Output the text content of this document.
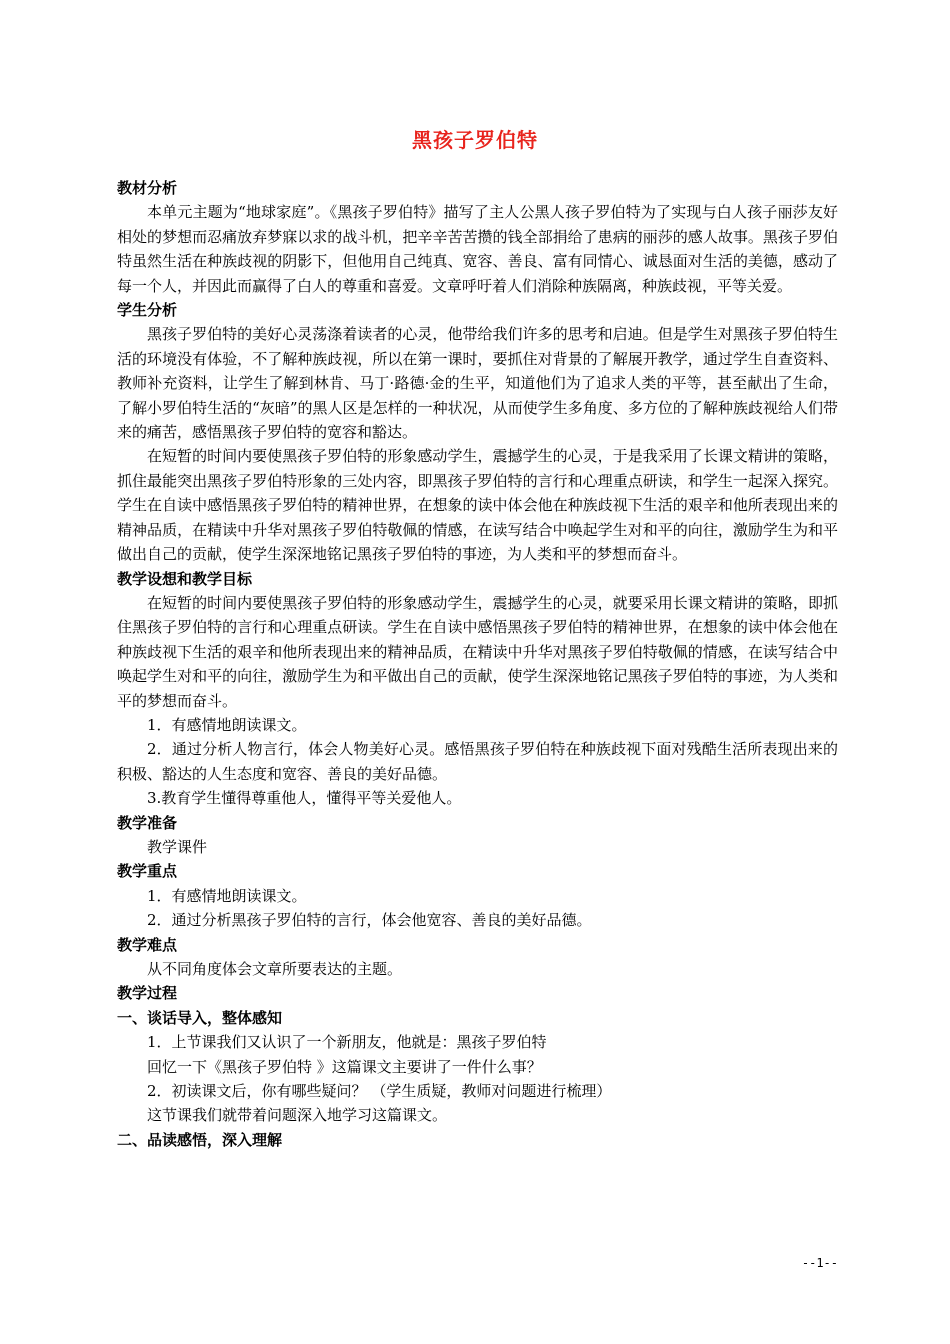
黑孩子罗伯特

教材分析

本单元主题为“地球家庭”。《黑孩子罗伯特》描写了主人公黑人孩子罗伯特为了实现与白人孩子丽莎友好相处的梦想而忍痛放弃梦寐以求的战斗机，把辛辛苦苦攒的钱全部捐给了患病的丽莎的感人故事。黑孩子罗伯特虽然生活在种族歧视的阴影下，但他用自己纯真、宽容、善良、富有同情心、诚恳面对生活的美德，感动了每一个人，并因此而赢得了白人的尊重和喜爱。文章呼吁着人们消除种族隔离，种族歧视，平等关爱。

学生分析

黑孩子罗伯特的美好心灵荡涤着读者的心灵，他带给我们许多的思考和启迪。但是学生对黑孩子罗伯特生活的环境没有体验，不了解种族歧视，所以在第一课时，要抓住对背景的了解展开教学，通过学生自查资料、教师补充资料，让学生了解到林肯、马丁·路德·金的生平，知道他们为了追求人类的平等，甚至献出了生命，了解小罗伯特生活的“灰暗”的黑人区是怎样的一种状况，从而使学生多角度、多方位的了解种族歧视给人们带来的痛苦，感悟黑孩子罗伯特的宽容和豁达。

在短暂的时间内要使黑孩子罗伯特的形象感动学生，震撼学生的心灵，于是我采用了长课文精讲的策略，抓住最能突出黑孩子罗伯特形象的三处内容，即黑孩子罗伯特的言行和心理重点研读，和学生一起深入探究。学生在自读中感悟黑孩子罗伯特的精神世界，在想象的读中体会他在种族歧视下生活的艰辛和他所表现出来的精神品质，在精读中升华对黑孩子罗伯特敬佩的情感，在读写结合中唤起学生对和平的向往，激励学生为和平做出自己的贡献，使学生深深地铭记黑孩子罗伯特的事迹，为人类和平的梦想而奋斗。

教学设想和教学目标

在短暂的时间内要使黑孩子罗伯特的形象感动学生，震撼学生的心灵，就要采用长课文精讲的策略，即抓住黑孩子罗伯特的言行和心理重点研读。学生在自读中感悟黑孩子罗伯特的精神世界，在想象的读中体会他在种族歧视下生活的艰辛和他所表现出来的精神品质，在精读中升华对黑孩子罗伯特敬佩的情感，在读写结合中唤起学生对和平的向往，激励学生为和平做出自己的贡献，使学生深深地铭记黑孩子罗伯特的事迹，为人类和平的梦想而奋斗。

1．有感情地朗读课文。

2．通过分析人物言行，体会人物美好心灵。感悟黑孩子罗伯特在种族歧视下面对残酷生活所表现出来的积极、豁达的人生态度和宽容、善良的美好品德。

3.教育学生懂得尊重他人，懂得平等关爱他人。

教学准备

教学课件

教学重点

1．有感情地朗读课文。

2．通过分析黑孩子罗伯特的言行，体会他宽容、善良的美好品德。

教学难点

从不同角度体会文章所要表达的主题。

教学过程

一、谈话导入，整体感知

1．上节课我们又认识了一个新朋友，他就是：黑孩子罗伯特

回忆一下《黑孩子罗伯特 》这篇课文主要讲了一件什么事？

2．初读课文后，你有哪些疑问？ （学生质疑，教师对问题进行梳理）

这节课我们就带着问题深入地学习这篇课文。

二、品读感悟，深入理解

--1--
